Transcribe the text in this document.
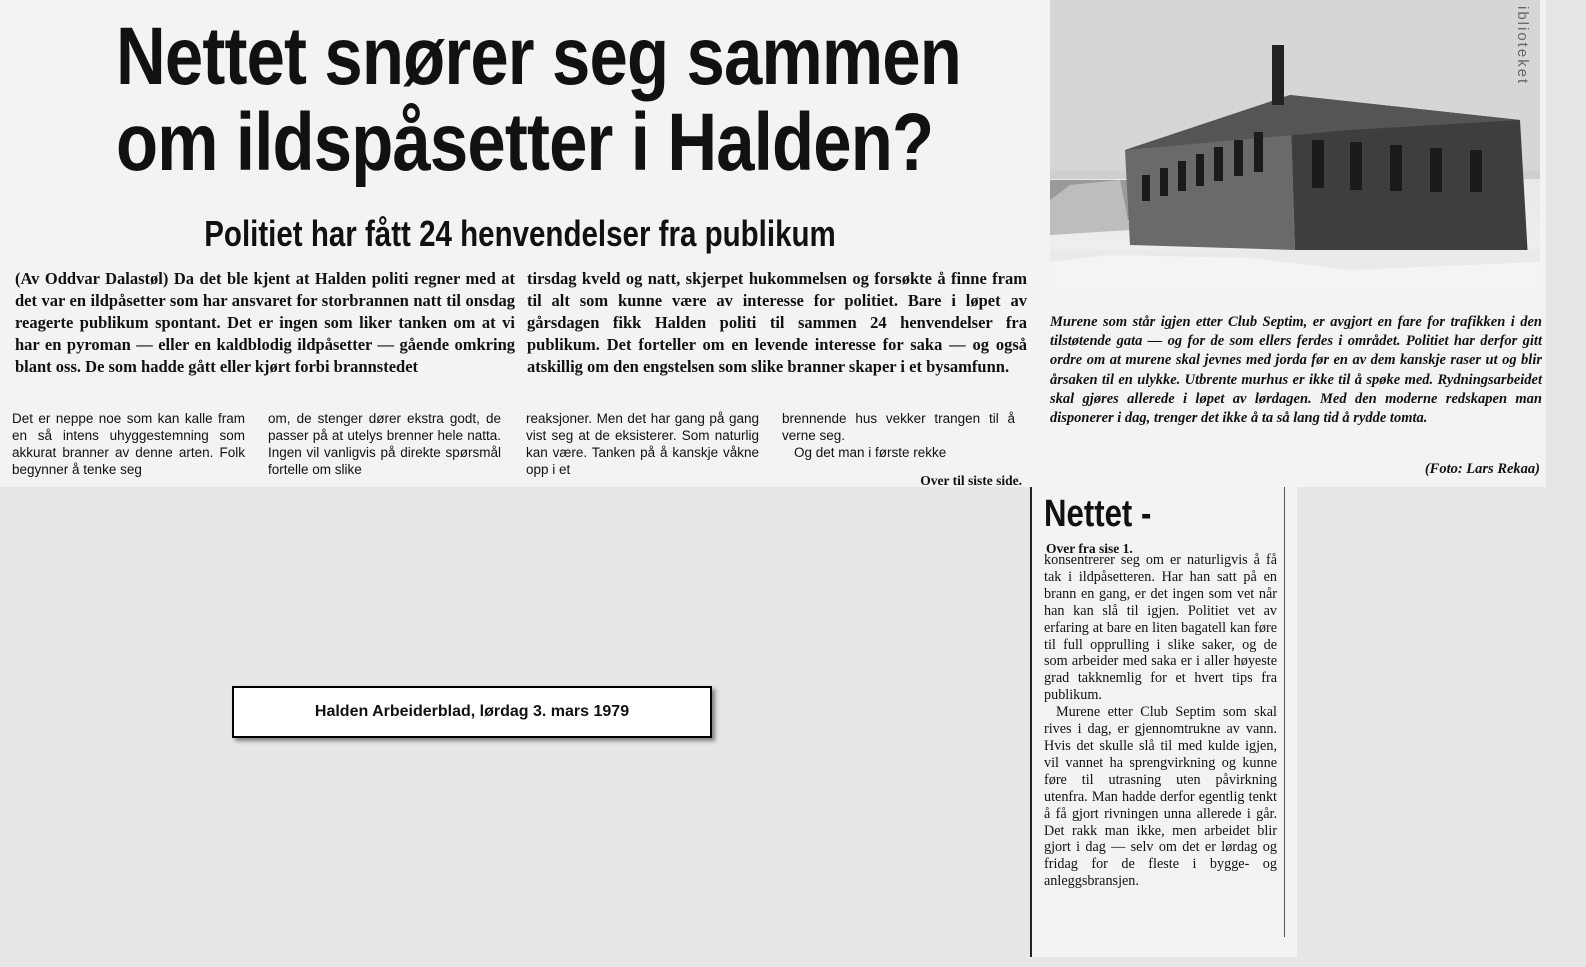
Nettet snører seg sammen
om ildspåsetter i Halden?
Politiet har fått 24 henvendelser fra publikum

(Av Oddvar Dalastøl) Da det ble kjent at Halden politi regner med at det var en ildpåsetter som har ansvaret for storbrannen natt til onsdag reagerte publikum spontant. Det er ingen som liker tanken om at vi har en pyroman — eller en kaldblodig ildpåsetter — gående omkring blant oss. De som hadde gått eller kjørt forbi brannstedet

tirsdag kveld og natt, skjerpet hukommelsen og forsøkte å finne fram til alt som kunne være av interesse for politiet. Bare i løpet av gårsdagen fikk Halden politi til sammen 24 henvendelser fra publikum. Det forteller om en levende interesse for saka — og også atskillig om den engstelsen som slike branner skaper i et bysamfunn.

Det er neppe noe som kan kalle fram en så intens uhyggestemning som akkurat branner av denne arten. Folk begynner å tenke seg

om, de stenger dører ekstra godt, de passer på at utelys brenner hele natta. Ingen vil vanligvis på direkte spørsmål fortelle om slike

reaksjoner. Men det har gang på gang vist seg at de eksisterer. Som naturlig kan være. Tanken på å kanskje våkne opp i et

brennende hus vekker trangen til å verne seg.
Og det man i første rekke
Over til siste side.
iblioteket

Murene som står igjen etter Club Septim, er avgjort en fare for trafikken i den tilstøtende gata — og for de som ellers ferdes i området. Politiet har derfor gitt ordre om at murene skal jevnes med jorda før en av dem kanskje raser ut og blir årsaken til en ulykke. Utbrente murhus er ikke til å spøke med. Rydningsarbeidet skal gjøres allerede i løpet av lørdagen. Med den moderne redskapen man disponerer i dag, trenger det ikke å ta så lang tid å rydde tomta.

(Foto: Lars Rekaa)
Nettet -
Over fra sise 1.

konsentrerer seg om er naturligvis å få tak i ildpåsetteren. Har han satt på en brann en gang, er det ingen som vet når han kan slå til igjen. Politiet vet av erfaring at bare en liten bagatell kan føre til full opprulling i slike saker, og de som arbeider med saka er i aller høyeste grad takknemlig for et hvert tips fra publikum.

Murene etter Club Septim som skal rives i dag, er gjennomtrukne av vann. Hvis det skulle slå til med kulde igjen, vil vannet ha sprengvirkning og kunne føre til utrasning uten påvirkning utenfra. Man hadde derfor egentlig tenkt å få gjort rivningen unna allerede i går. Det rakk man ikke, men arbeidet blir gjort i dag — selv om det er lørdag og fridag for de fleste i bygge- og anleggsbransjen.

Halden Arbeiderblad, lørdag 3. mars 1979
